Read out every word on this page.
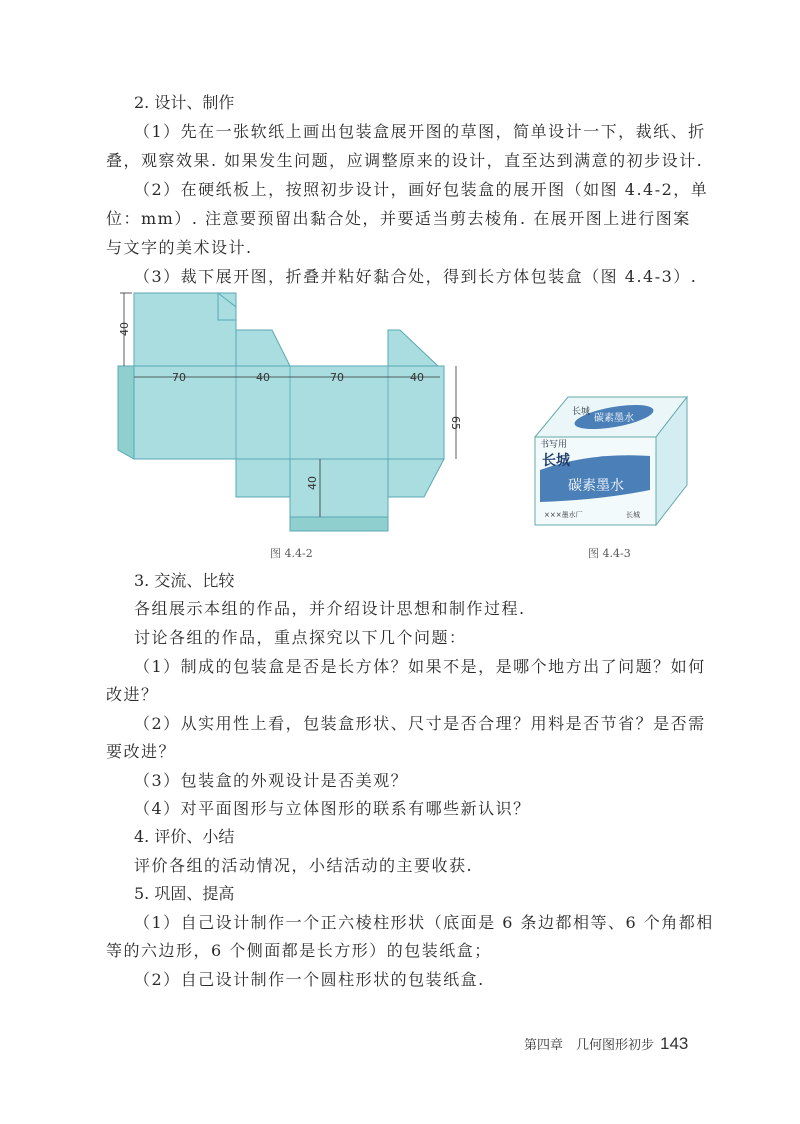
2. 设计、制作
（1）先在一张软纸上画出包装盒展开图的草图，简单设计一下，裁纸、折
叠，观察效果. 如果发生问题，应调整原来的设计，直至达到满意的初步设计.
（2）在硬纸板上，按照初步设计，画好包装盒的展开图（如图 4.4-2，单
位：mm）. 注意要预留出黏合处，并要适当剪去棱角. 在展开图上进行图案
与文字的美术设计.
（3）裁下展开图，折叠并粘好黏合处，得到长方体包装盒（图 4.4-3）.
40
70	40	70	40
65
40
图 4.4-2
长城
碳素墨水
书写用
长城
碳素墨水
×××墨水厂	长城
图 4.4-3
3. 交流、比较
各组展示本组的作品，并介绍设计思想和制作过程.
讨论各组的作品，重点探究以下几个问题：
（1）制成的包装盒是否是长方体？如果不是，是哪个地方出了问题？如何
改进？
（2）从实用性上看，包装盒形状、尺寸是否合理？用料是否节省？是否需
要改进？
（3）包装盒的外观设计是否美观？
（4）对平面图形与立体图形的联系有哪些新认识？
4. 评价、小结
评价各组的活动情况，小结活动的主要收获.
5. 巩固、提高
（1）自己设计制作一个正六棱柱形状（底面是 6 条边都相等、6 个角都相
等的六边形，6 个侧面都是长方形）的包装纸盒；
（2）自己设计制作一个圆柱形状的包装纸盒.
第四章　几何图形初步 143
